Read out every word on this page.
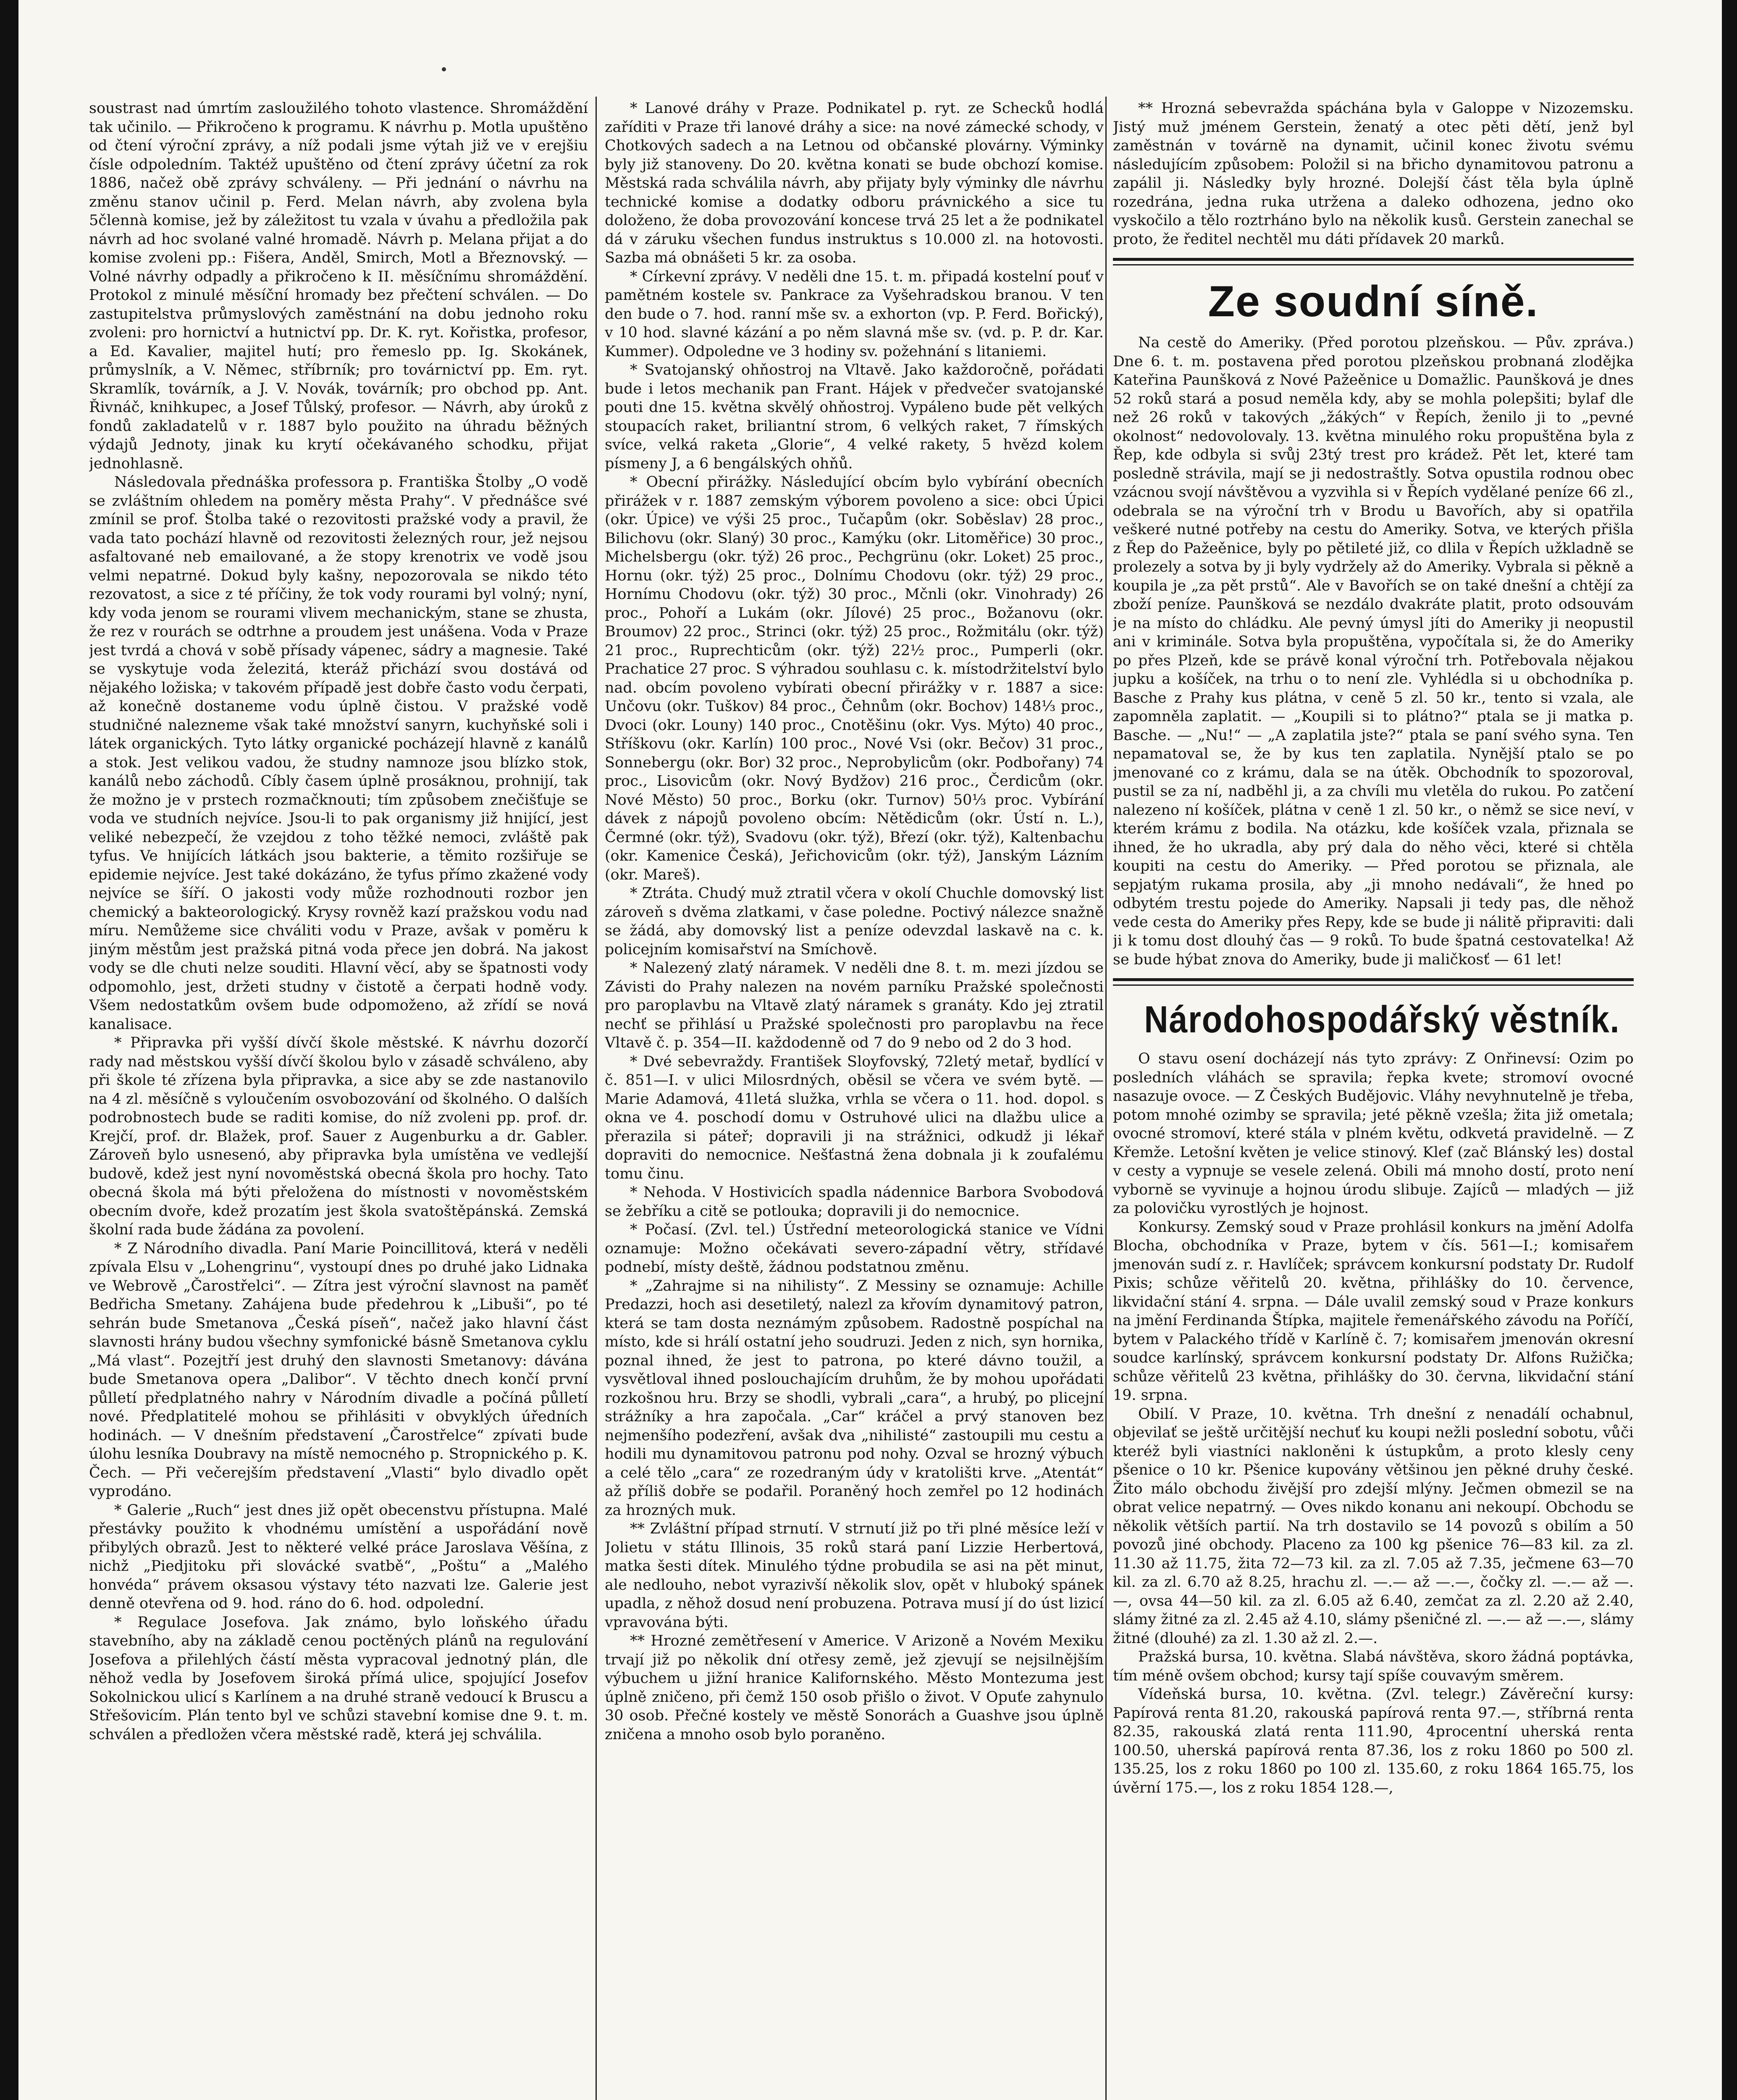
soustrast nad úmrtím zasloužilého tohoto vlastence. Shromáždění tak učinilo. — Přikročeno k programu. K návrhu p. Motla upuštěno od čtení výroční zprávy, a níž podali jsme výtah již ve v erejšiu čísle odpoledním. Taktéž upuštěno od čtení zprávy účetní za rok 1886, načež obě zprávy schváleny. — Při jednání o návrhu na změnu stanov učinil p. Ferd. Melan návrh, aby zvolena byla 5člennà komise, jež by záležitost tu vzala v úvahu a předložila pak návrh ad hoc svolané valné hromadě. Návrh p. Melana přijat a do komise zvoleni pp.: Fišera, Anděl, Smirch, Motl a Březnovský. — Volné návrhy odpadly a přikročeno k II. měsíčnímu shromáždění. Protokol z minulé měsíční hromady bez přečtení schválen. — Do zastupitelstva průmyslových zaměstnání na dobu jednoho roku zvoleni: pro hornictví a hutnictví pp. Dr. K. ryt. Kořistka, profesor, a Ed. Kavalier, majitel hutí; pro řemeslo pp. Ig. Skokánek, průmyslník, a V. Němec, stříbrník; pro továrnictví pp. Em. ryt. Skramlík, továrník, a J. V. Novák, továrník; pro obchod pp. Ant. Řivnáč, knihkupec, a Josef Tůlský, profesor. — Návrh, aby úroků z fondů zakladatelů v r. 1887 bylo použito na úhradu běžných výdajů Jednoty, jinak ku krytí očekávaného schodku, přijat jednohlasně.

Následovala přednáška professora p. Františka Štolby „O vodě se zvláštním ohledem na poměry města Prahy“. V přednášce své zmínil se prof. Štolba také o rezovitosti pražské vody a pravil, že vada tato pochází hlavně od rezovitosti železných rour, jež nejsou asfaltované neb emailované, a že stopy krenotrix ve vodě jsou velmi nepatrné. Dokud byly kašny, nepozorovala se nikdo této rezovatost, a sice z té příčiny, že tok vody rourami byl volný; nyní, kdy voda jenom se rourami vlivem mechanickým, stane se zhusta, že rez v rourách se odtrhne a proudem jest unášena. Voda v Praze jest tvrdá a chová v sobě přísady vápenec, sádry a magnesie. Také se vyskytuje voda železitá, kteráž přichází svou dostává od nějakého ložiska; v takovém případě jest dobře často vodu čerpati, až konečně dostaneme vodu úplně čistou. V pražské vodě studničné nalezneme však také množství sanyrn, kuchyňské soli i látek organických. Tyto látky organické pocházejí hlavně z kanálů a stok. Jest velikou vadou, že studny namnoze jsou blízko stok, kanálů nebo záchodů. Cíbly časem úplně prosáknou, prohnijí, tak že možno je v prstech rozmačknouti; tím způsobem znečišťuje se voda ve studních nejvíce. Jsou-li to pak organismy již hnijící, jest veliké nebezpečí, že vzejdou z toho těžké nemoci, zvláště pak tyfus. Ve hnijících látkách jsou bakterie, a těmito rozšiřuje se epidemie nejvíce. Jest také dokázáno, že tyfus přímo zkažené vody nejvíce se šíří. O jakosti vody může rozhodnouti rozbor jen chemický a bakteorologický. Krysy rovněž kazí pražskou vodu nad míru. Nemůžeme sice chváliti vodu v Praze, avšak v poměru k jiným městům jest pražská pitná voda přece jen dobrá. Na jakost vody se dle chuti nelze souditi. Hlavní věcí, aby se špatnosti vody odpomohlo, jest, držeti studny v čistotě a čerpati hodně vody. Všem nedostatkům ovšem bude odpomoženo, až zřídí se nová kanalisace.

* Připravka při vyšší dívčí škole městské. K návrhu dozorčí rady nad městskou vyšší dívčí školou bylo v zásadě schváleno, aby při škole té zřízena byla připravka, a sice aby se zde nastanovilo na 4 zl. měsíčně s vyloučením osvobozování od školného. O dalších podrobnostech bude se raditi komise, do níž zvoleni pp. prof. dr. Krejčí, prof. dr. Blažek, prof. Sauer z Augenburku a dr. Gabler. Zároveň bylo usnesenó, aby připravka byla umístěna ve vedlejší budově, kdež jest nyní novoměstská obecná škola pro hochy. Tato obecná škola má býti přeložena do místnosti v novoměstském obecním dvoře, kdež prozatím jest škola svatoštěpánská. Zemská školní rada bude žádána za povolení.

* Z Národního divadla. Paní Marie Poincillitová, která v neděli zpívala Elsu v „Lohengrinu“, vystoupí dnes po druhé jako Lidnaka ve Webrově „Čarostřelci“. — Zítra jest výroční slavnost na paměť Bedřicha Smetany. Zahájena bude předehrou k „Libuši“, po té sehrán bude Smetanova „Česká píseň“, načež jako hlavní část slavnosti hrány budou všechny symfonické básně Smetanova cyklu „Má vlast“. Pozejtří jest druhý den slavnosti Smetanovy: dávána bude Smetanova opera „Dalibor“. V těchto dnech končí první půlletí předplatného nahry v Národním divadle a počíná půlletí nové. Předplatitelé mohou se přihlásiti v obvyklých úředních hodinách. — V dnešním představení „Čarostřelce“ zpívati bude úlohu lesníka Doubravy na místě nemocného p. Stropnického p. K. Čech. — Při večerejším představení „Vlasti“ bylo divadlo opět vyprodáno.

* Galerie „Ruch“ jest dnes již opět obecenstvu přístupna. Malé přestávky použito k vhodnému umístění a uspořádání nově přibylých obrazů. Jest to některé velké práce Jaroslava Věšína, z nichž „Piedjitoku při slovácké svatbě“, „Poštu“ a „Malého honvéda“ právem oksasou výstavy této nazvati lze. Galerie jest denně otevřena od 9. hod. ráno do 6. hod. odpolední.

* Regulace Josefova. Jak známo, bylo loňského úřadu stavebního, aby na základě cenou poctěných plánů na regulování Josefova a přilehlých částí města vypracoval jednotný plán, dle něhož vedla by Josefovem široká přímá ulice, spojující Josefov Sokolnickou ulicí s Karlínem a na druhé straně vedoucí k Bruscu a Střešovicím. Plán tento byl ve schůzi stavební komise dne 9. t. m. schválen a předložen včera městské radě, která jej schválila.

* Lanové dráhy v Praze. Podnikatel p. ryt. ze Schecků hodlá zaříditi v Praze tři lanové dráhy a sice: na nové zámecké schody, v Chotkových sadech a na Letnou od občanské plovárny. Výminky byly již stanoveny. Do 20. května konati se bude obchozí komise. Městská rada schválila návrh, aby přijaty byly výminky dle návrhu technické komise a dodatky odboru právnického a sice tu doloženo, že doba provozování koncese trvá 25 let a že podnikatel dá v záruku všechen fundus instruktus s 10.000 zl. na hotovosti. Sazba má obnášeti 5 kr. za osoba.

* Církevní zprávy. V neděli dne 15. t. m. připadá kostelní pouť v pamětném kostele sv. Pankrace za Vyšehradskou branou. V ten den bude o 7. hod. ranní mše sv. a exhorton (vp. P. Ferd. Bořický), v 10 hod. slavné kázání a po něm slavná mše sv. (vd. p. P. dr. Kar. Kummer). Odpoledne ve 3 hodiny sv. požehnání s litaniemi.

* Svatojanský ohňostroj na Vltavě. Jako každoročně, pořádati bude i letos mechanik pan Frant. Hájek v předvečer svatojanské pouti dne 15. května skvělý ohňostroj. Vypáleno bude pět velkých stoupacích raket, briliantní strom, 6 velkých raket, 7 římských svíce, velká raketa „Glorie“, 4 velké rakety, 5 hvězd kolem písmeny J, a 6 bengálských ohňů.

* Obecní přirážky. Následující obcím bylo vybírání obecních přirážek v r. 1887 zemským výborem povoleno a sice: obci Úpici (okr. Úpice) ve výši 25 proc., Tučapům (okr. Soběslav) 28 proc., Bilichovu (okr. Slaný) 30 proc., Kamýku (okr. Litoměřice) 30 proc., Michelsbergu (okr. týž) 26 proc., Pechgrünu (okr. Loket) 25 proc., Hornu (okr. týž) 25 proc., Dolnímu Chodovu (okr. týž) 29 proc., Hornímu Chodovu (okr. týž) 30 proc., Mčnli (okr. Vinohrady) 26 proc., Pohoří a Lukám (okr. Jílové) 25 proc., Božanovu (okr. Broumov) 22 proc., Strinci (okr. týž) 25 proc., Rožmitálu (okr. týž) 21 proc., Ruprechticům (okr. týž) 22½ proc., Pumperli (okr. Prachatice 27 proc. S výhradou souhlasu c. k. místodržitelství bylo nad. obcím povoleno vybírati obecní přirážky v r. 1887 a sice: Unčovu (okr. Tuškov) 84 proc., Čehnům (okr. Bochov) 148⅓ proc., Dvoci (okr. Louny) 140 proc., Cnotěšinu (okr. Vys. Mýto) 40 proc., Stříškovu (okr. Karlín) 100 proc., Nové Vsi (okr. Bečov) 31 proc., Sonnebergu (okr. Bor) 32 proc., Neprobylicům (okr. Podbořany) 74 proc., Lisovicům (okr. Nový Bydžov) 216 proc., Čerdicům (okr. Nové Město) 50 proc., Borku (okr. Turnov) 50⅓ proc. Vybírání dávek z nápojů povoleno obcím: Nětědicům (okr. Ústí n. L.), Čermné (okr. týž), Svadovu (okr. týž), Březí (okr. týž), Kaltenbachu (okr. Kamenice Česká), Jeřichovicům (okr. týž), Janským Lázním (okr. Mareš).

* Ztráta. Chudý muž ztratil včera v okolí Chuchle domovský list zároveň s dvěma zlatkami, v čase poledne. Poctivý nálezce snažně se žádá, aby domovský list a peníze odevzdal laskavě na c. k. policejním komisařství na Smíchově.

* Nalezený zlatý náramek. V neděli dne 8. t. m. mezi jízdou se Závisti do Prahy nalezen na novém parníku Pražské společnosti pro paroplavbu na Vltavě zlatý náramek s granáty. Kdo jej ztratil nechť se přihlásí u Pražské společnosti pro paroplavbu na řece Vltavě č. p. 354—II. každodenně od 7 do 9 nebo od 2 do 3 hod.

* Dvé sebevraždy. František Sloyfovský, 72letý metař, bydlící v č. 851—I. v ulici Milosrdných, oběsil se včera ve svém bytě. — Marie Adamová, 41letá služka, vrhla se včera o 11. hod. dopol. s okna ve 4. poschodí domu v Ostruhové ulici na dlažbu ulice a přerazila si páteř; dopravili ji na strážnici, odkudž ji lékař dopraviti do nemocnice. Nešťastná žena dobnala ji k zoufalému tomu činu.

* Nehoda. V Hostivicích spadla nádennice Barbora Svobodová se žebříku a citě se potlouka; dopravili ji do nemocnice.

* Počasí. (Zvl. tel.) Ústřední meteorologická stanice ve Vídni oznamuje: Možno očekávati severo-západní větry, střídavé podnebí, místy deště, žádnou podstatnou změnu.

* „Zahrajme si na nihilisty“. Z Messiny se oznamuje: Achille Predazzi, hoch asi desetiletý, nalezl za křovím dynamitový patron, která se tam dosta neznámým způsobem. Radostně pospíchal na místo, kde si hrálí ostatní jeho soudruzi. Jeden z nich, syn hornika, poznal ihned, že jest to patrona, po které dávno toužil, a vysvětloval ihned poslouchajícím druhům, že by mohou upořádati rozkošnou hru. Brzy se shodli, vybrali „cara“, a hrubý, po plicejní strážníky a hra započala. „Car“ kráčel a prvý stanoven bez nejmenšího podezření, avšak dva „nihilisté“ zastoupili mu cestu a hodili mu dynamitovou patronu pod nohy. Ozval se hrozný výbuch a celé tělo „cara“ ze rozedraným údy v kratolišti krve. „Atentát“ až příliš dobře se podařil. Poraněný hoch zemřel po 12 hodinách za hrozných muk.

** Zvláštní případ strnutí. V strnutí již po tři plné měsíce leží v Jolietu v státu Illinois, 35 roků stará paní Lizzie Herbertová, matka šesti dítek. Minulého týdne probudila se asi na pět minut, ale nedlouho, nebot vyrazivší několik slov, opět v hluboký spánek upadla, z něhož dosud není probuzena. Potrava musí jí do úst lizicí vpravována býti.

** Hrozné zemětřesení v Americe. V Arizoně a Novém Mexiku trvají již po několik dní otřesy země, jež zjevují se nejsilnějším výbuchem u jižní hranice Kalifornského. Město Montezuma jest úplně zničeno, při čemž 150 osob přišlo o život. V Opuťe zahynulo 30 osob. Přečné kostely ve městě Sonorách a Guashve jsou úplně zničena a mnoho osob bylo poraněno.

** Hrozná sebevražda spáchána byla v Galoppe v Nizozemsku. Jistý muž jménem Gerstein, ženatý a otec pěti dětí, jenž byl zaměstnán v továrně na dynamit, učinil konec životu svému následujícím způsobem: Položil si na břicho dynamitovou patronu a zapálil ji. Následky byly hrozné. Dolejší část těla byla úplně rozedrána, jedna ruka utržena a daleko odhozena, jedno oko vyskočilo a tělo roztrháno bylo na několik kusů. Gerstein zanechal se proto, že ředitel nechtěl mu dáti přídavek 20 marků.

Ze soudní síně.

Na cestě do Ameriky. (Před porotou plzeňskou. — Pův. zpráva.) Dne 6. t. m. postavena před porotou plzeňskou probnaná zlodějka Kateřina Paunšková z Nové Pažeěnice u Domažlic. Paunšková je dnes 52 roků stará a posud neměla kdy, aby se mohla polepšiti; bylaf dle než 26 roků v takových „žákých“ v Řepích, ženilo ji to „pevné okolnost“ nedovolovaly. 13. května minulého roku propuštěna byla z Řep, kde odbyla si svůj 23tý trest pro krádež. Pět let, které tam posledně strávila, mají se ji nedostraštly. Sotva opustila rodnou obec vzácnou svojí návštěvou a vyzvihla si v Řepích vydělané peníze 66 zl., odebrala se na výroční trh v Brodu u Bavořích, aby si opatřila veškeré nutné potřeby na cestu do Ameriky. Sotva, ve kterých přišla z Řep do Pažeěnice, byly po pětileté již, co dlila v Řepích užkladně se prolezely a sotva by ji byly vydržely až do Ameriky. Vybrala si pěkně a koupila je „za pět prstů“. Ale v Bavořích se on také dnešní a chtějí za zboží peníze. Paunšková se nezdálo dvakráte platit, proto odsouvám je na místo do chládku. Ale pevný úmysl jíti do Ameriky ji neopustil ani v kriminále. Sotva byla propuštěna, vypočítala si, že do Ameriky po přes Plzeň, kde se právě konal výroční trh. Potřebovala nějakou jupku a košíček, na trhu o to není zle. Vyhlédla si u obchodníka p. Basche z Prahy kus plátna, v ceně 5 zl. 50 kr., tento si vzala, ale zapomněla zaplatit. — „Koupili si to plátno?“ ptala se ji matka p. Basche. — „Nu!“ — „A zaplatila jste?“ ptala se paní svého syna. Ten nepamatoval se, že by kus ten zaplatila. Nynější ptalo se po jmenované co z krámu, dala se na útěk. Obchodník to spozoroval, pustil se za ní, nadběhl ji, a za chvíli mu vletěla do rukou. Po zatčení nalezeno ní košíček, plátna v ceně 1 zl. 50 kr., o němž se sice neví, v kterém krámu z bodila. Na otázku, kde košíček vzala, přiznala se ihned, že ho ukradla, aby prý dala do něho věci, které si chtěla koupiti na cestu do Ameriky. — Před porotou se přiznala, ale sepjatým rukama prosila, aby „ji mnoho nedávali“, že hned po odbytém trestu pojede do Ameriky. Napsali ji tedy pas, dle něhož vede cesta do Ameriky přes Repy, kde se bude ji nálitě připraviti: dali ji k tomu dost dlouhý čas — 9 roků. To bude špatná cestovatelka! Až se bude hýbat znova do Ameriky, bude ji maličkosť — 61 let!

Národohospodářský věstník.

O stavu osení docházejí nás tyto zprávy: Z Onřinevsí: Ozim po posledních vláhách se spravila; řepka kvete; stromoví ovocné nasazuje ovoce. — Z Českých Budějovic. Vláhy nevyhnutelně je třeba, potom mnohé ozimby se spravila; jeté pěkně vzešla; žita již ometala; ovocné stromoví, které stála v plném květu, odkvetá pravidelně. — Z Křemže. Letošní květen je velice stinový. Klef (zač Blánský les) dostal v cesty a vypnuje se vesele zelená. Obili má mnoho dostí, proto není vybornĕ se vyvinuje a hojnou úrodu slibuje. Zajíců — mladých — již za polovičku vyrostlých je hojnost.

Konkursy. Zemský soud v Praze prohlásil konkurs na jmění Adolfa Blocha, obchodníka v Praze, bytem v čís. 561—I.; komisařem jmenován sudí z. r. Havlíček; správcem konkursní podstaty Dr. Rudolf Pixis; schůze věřitelů 20. května, přihlášky do 10. července, likvidační stání 4. srpna. — Dále uvalil zemský soud v Praze konkurs na jmění Ferdinanda Štípka, majitele řemenářského závodu na Poříčí, bytem v Palackého třídě v Karlíně č. 7; komisařem jmenován okresní soudce karlínský, správcem konkursní podstaty Dr. Alfons Ružička; schůze věřitelů 23 května, přihlášky do 30. června, likvidační stání 19. srpna.

Obilí. V Praze, 10. května. Trh dnešní z nenadálí ochabnul, objevilať se ještě určitější nechuť ku koupi nežli poslední sobotu, vůči kteréž byli viastníci nakloněni k ústupkům, a proto klesly ceny pšenice o 10 kr. Pšenice kupovány většinou jen pěkné druhy české. Žito málo obchodu živější pro zdejší mlýny. Ječmen obmezil se na obrat velice nepatrný. — Oves nikdo konanu ani nekoupí. Obchodu se několik větších partií. Na trh dostavilo se 14 povozů s obilím a 50 povozů jiné obchody. Placeno za 100 kg pšenice 76—83 kil. za zl. 11.30 až 11.75, žita 72—73 kil. za zl. 7.05 až 7.35, ječmene 63—70 kil. za zl. 6.70 až 8.25, hrachu zl. —.— až —.—, čočky zl. —.— až —.—, ovsa 44—50 kil. za zl. 6.05 až 6.40, zemčat za zl. 2.20 až 2.40, slámy žitné za zl. 2.45 až 4.10, slámy pšeničné zl. —.— až —.—, slámy žitné (dlouhé) za zl. 1.30 až zl. 2.—.

Pražská bursa, 10. května. Slabá návštěva, skoro žádná poptávka, tím méně ovšem obchod; kursy tají spíše couvavým směrem.

Vídeňská bursa, 10. května. (Zvl. telegr.) Závěreční kursy: Papírová renta 81.20, rakouská papírová renta 97.—, stříbrná renta 82.35, rakouská zlatá renta 111.90, 4procentní uherská renta 100.50, uherská papírová renta 87.36, los z roku 1860 po 500 zl. 135.25, los z roku 1860 po 100 zl. 135.60, z roku 1864 165.75, los úvěrní 175.—, los z roku 1854 128.—,
